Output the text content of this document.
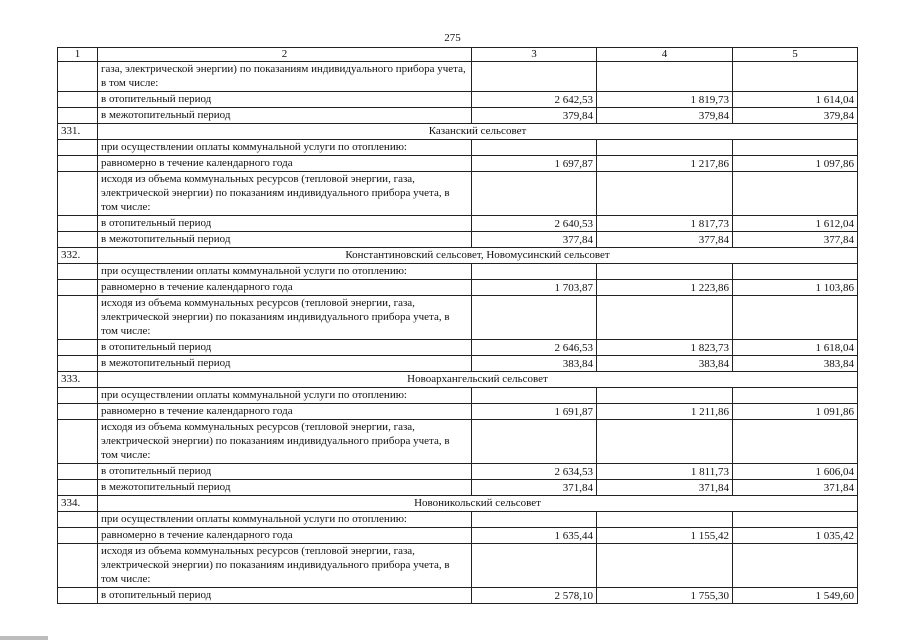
275
1	2	3	4	5
	газа, электрической энергии) по показаниям индивидуального прибора учета, в том числе:			
	в отопительный период	2 642,53	1 819,73	1 614,04
	в межотопительный период	379,84	379,84	379,84
331.	Казанский сельсовет			
	при осуществлении оплаты коммунальной услуги по отоплению:			
	равномерно в течение календарного года	1 697,87	1 217,86	1 097,86
	исходя из объема коммунальных ресурсов (тепловой энергии, газа, электрической энергии) по показаниям индивидуального прибора учета, в том числе:			
	в отопительный период	2 640,53	1 817,73	1 612,04
	в межотопительный период	377,84	377,84	377,84
332.	Константиновский сельсовет, Новомусинский сельсовет			
	при осуществлении оплаты коммунальной услуги по отоплению:			
	равномерно в течение календарного года	1 703,87	1 223,86	1 103,86
	исходя из объема коммунальных ресурсов (тепловой энергии, газа, электрической энергии) по показаниям индивидуального прибора учета, в том числе:			
	в отопительный период	2 646,53	1 823,73	1 618,04
	в межотопительный период	383,84	383,84	383,84
333.	Новоархангельский сельсовет			
	при осуществлении оплаты коммунальной услуги по отоплению:			
	равномерно в течение календарного года	1 691,87	1 211,86	1 091,86
	исходя из объема коммунальных ресурсов (тепловой энергии, газа, электрической энергии) по показаниям индивидуального прибора учета, в том числе:			
	в отопительный период	2 634,53	1 811,73	1 606,04
	в межотопительный период	371,84	371,84	371,84
334.	Новоникольский сельсовет			
	при осуществлении оплаты коммунальной услуги по отоплению:			
	равномерно в течение календарного года	1 635,44	1 155,42	1 035,42
	исходя из объема коммунальных ресурсов (тепловой энергии, газа, электрической энергии) по показаниям индивидуального прибора учета, в том числе:			
	в отопительный период	2 578,10	1 755,30	1 549,60
